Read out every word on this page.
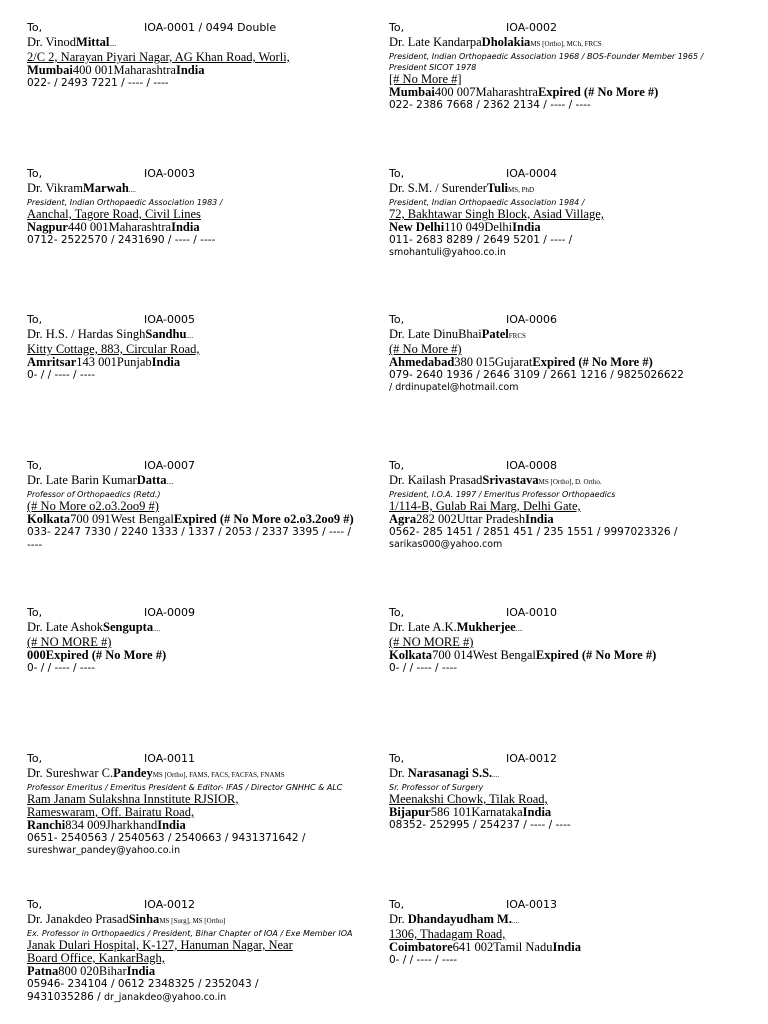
To,	IOA-0001 / 0494 Double
Dr. VinodMittal....
2/C 2, Narayan Piyari Nagar, AG Khan Road, Worli,
Mumbai400 001MaharashtraIndia
022- / 2493 7221 / ---- / ----
To,	IOA-0002
Dr. Late KandarpaDholakiaMS [Ortho], MCh, FRCS
President, Indian Orthopaedic Association 1968 / BOS-Founder Member 1965 / President SICOT 1978
[# No More #]
Mumbai400 007MaharashtraExpired (# No More #)
022- 2386 7668 / 2362 2134 / ---- / ----
To,	IOA-0003
Dr. VikramMarwah....
President, Indian Orthopaedic Association 1983 /
Aanchal, Tagore Road, Civil Lines
Nagpur440 001MaharashtraIndia
0712- 2522570 / 2431690 / ---- / ----
To,	IOA-0004
Dr. S.M. / SurenderTuliMS, PhD
President, Indian Orthopaedic Association 1984 /
72, Bakhtawar Singh Block, Asiad Village,
New Delhi110 049DelhiIndia
011- 2683 8289 / 2649 5201 / ---- /
smohantuli@yahoo.co.in
To,	IOA-0005
Dr. H.S. / Hardas SinghSandhu....
Kitty Cottage, 883, Circular Road,
Amritsar143 001PunjabIndia
0- / / ---- / ----
To,	IOA-0006
Dr. Late DinuBhaiPatelFRCS
(# No More #)
Ahmedabad380 015GujaratExpired (# No More #)
079- 2640 1936 / 2646 3109 / 2661 1216 / 9825026622
/ drdinupatel@hotmail.com
To,	IOA-0007
Dr. Late Barin KumarDatta....
Professor of Orthopaedics (Retd.)
(# No More o2.o3.2oo9 #)
Kolkata700 091West BengalExpired (# No More o2.o3.2oo9 #)
033- 2247 7330 / 2240 1333 / 1337 / 2053 / 2337 3395 / ---- / ----
To,	IOA-0008
Dr. Kailash PrasadSrivastavaMS [Ortho], D. Ortho.
President, I.O.A. 1997 / Emeritus Professor Orthopaedics
1/114-B, Gulab Rai Marg, Delhi Gate,
Agra282 002Uttar PradeshIndia
0562- 285 1451 / 2851 451 / 235 1551 / 9997023326 /
sarikas000@yahoo.com
To,	IOA-0009
Dr. Late AshokSengupta....
(# NO MORE #)
000Expired (# No More #)
0- / / ---- / ----
To,	IOA-0010
Dr. Late A.K.Mukherjee....
(# NO MORE #)
Kolkata700 014West BengalExpired (# No More #)
0- / / ---- / ----
To,	IOA-0011
Dr. Sureshwar C.PandeyMS [Ortho], FAMS, FACS, FACFAS, FNAMS
Professor Emeritus / Emeritus President & Editor- IFAS / Director GNHHC & ALC
Ram Janam Sulakshna Innstitute RJSIOR,
Rameswaram, Off. Bairatu Road,
Ranchi834 009JharkhandIndia
0651- 2540563 / 2540563 / 2540663 / 9431371642 /
sureshwar_pandey@yahoo.co.in
To,	IOA-0012
Dr. Narasanagi S.S.....
Sr. Professor of Surgery
Meenakshi Chowk, Tilak Road,
Bijapur586 101KarnatakaIndia
08352- 252995 / 254237 / ---- / ----
To,	IOA-0012
Dr. Janakdeo PrasadSinhaMS [Surg], MS [Ortho]
Ex. Professor in Orthopaedics / President, Bihar Chapter of IOA / Exe Member IOA
Janak Dulari Hospital, K-127, Hanuman Nagar, Near
Board Office, KankarBagh,
Patna800 020BiharIndia
05946- 234104 / 0612 2348325 / 2352043 /
9431035286 / dr_janakdeo@yahoo.co.in
To,	IOA-0013
Dr. Dhandayudham M.....
1306, Thadagam Road,
Coimbatore641 002Tamil NaduIndia
0- / / ---- / ----
